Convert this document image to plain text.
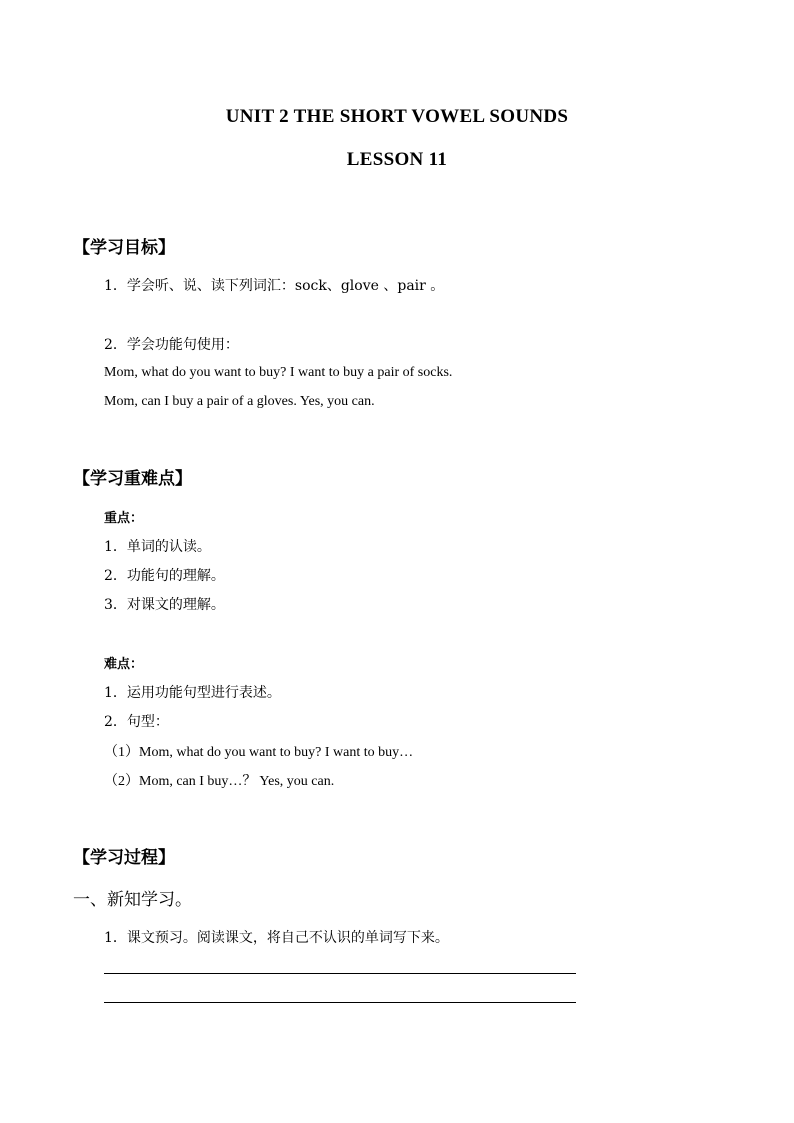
UNIT 2 THE SHORT VOWEL SOUNDS
LESSON 11
【学习目标】
1．学会听、说、读下列词汇：sock、glove 、pair 。
2．学会功能句使用：
Mom, what do you want to buy? I want to buy a pair of socks.
Mom, can I buy a pair of a gloves. Yes, you can.
【学习重难点】
重点：
1．单词的认读。
2．功能句的理解。
3．对课文的理解。
难点：
1．运用功能句型进行表述。
2．句型：
（1）Mom, what do you want to buy? I want to buy…
（2）Mom, can I buy…？ Yes, you can.
【学习过程】
一、新知学习。
1．课文预习。阅读课文，将自己不认识的单词写下来。
